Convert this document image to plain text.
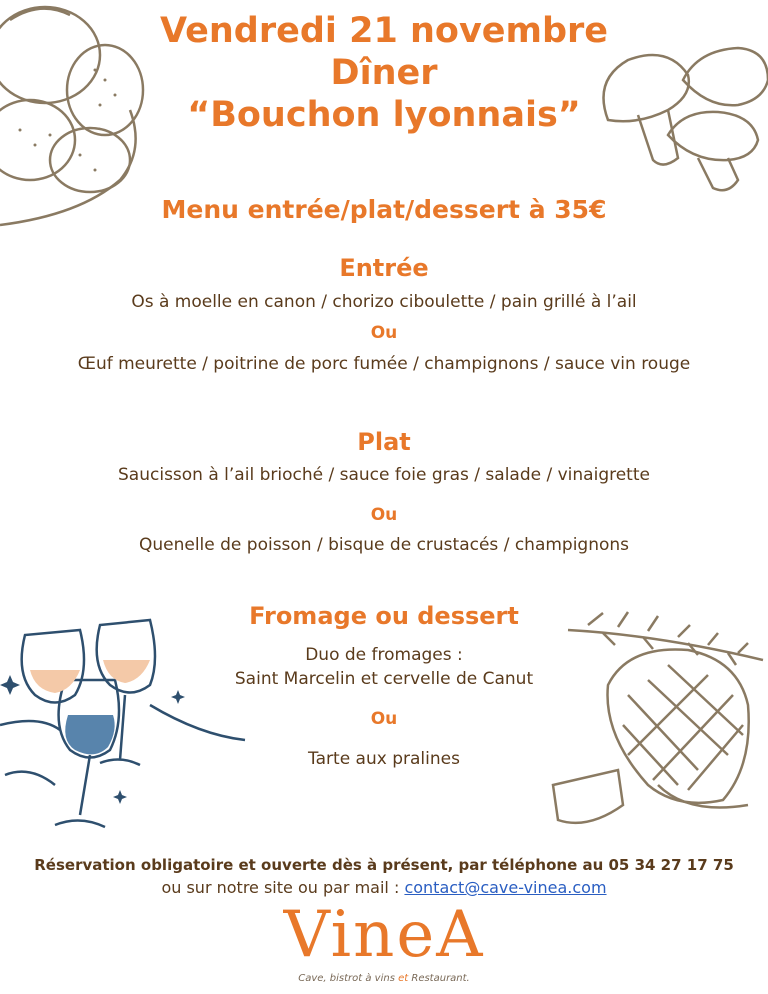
Vendredi 21 novembre
Dîner
“Bouchon lyonnais”
Menu entrée/plat/dessert à 35€
Entrée
Os à moelle en canon / chorizo ciboulette / pain grillé à l’ail
Ou
Œuf meurette / poitrine de porc fumée / champignons / sauce vin rouge
Plat
Saucisson à l’ail brioché / sauce foie gras / salade / vinaigrette
Ou
Quenelle de poisson / bisque de crustacés / champignons
Fromage ou dessert
Duo de fromages :
Saint Marcelin et cervelle de Canut
Ou
Tarte aux pralines
Réservation obligatoire et ouverte dès à présent, par téléphone au 05 34 27 17 75
ou sur notre site ou par mail : contact@cave-vinea.com
VineA
Cave, bistrot à vins et Restaurant.
